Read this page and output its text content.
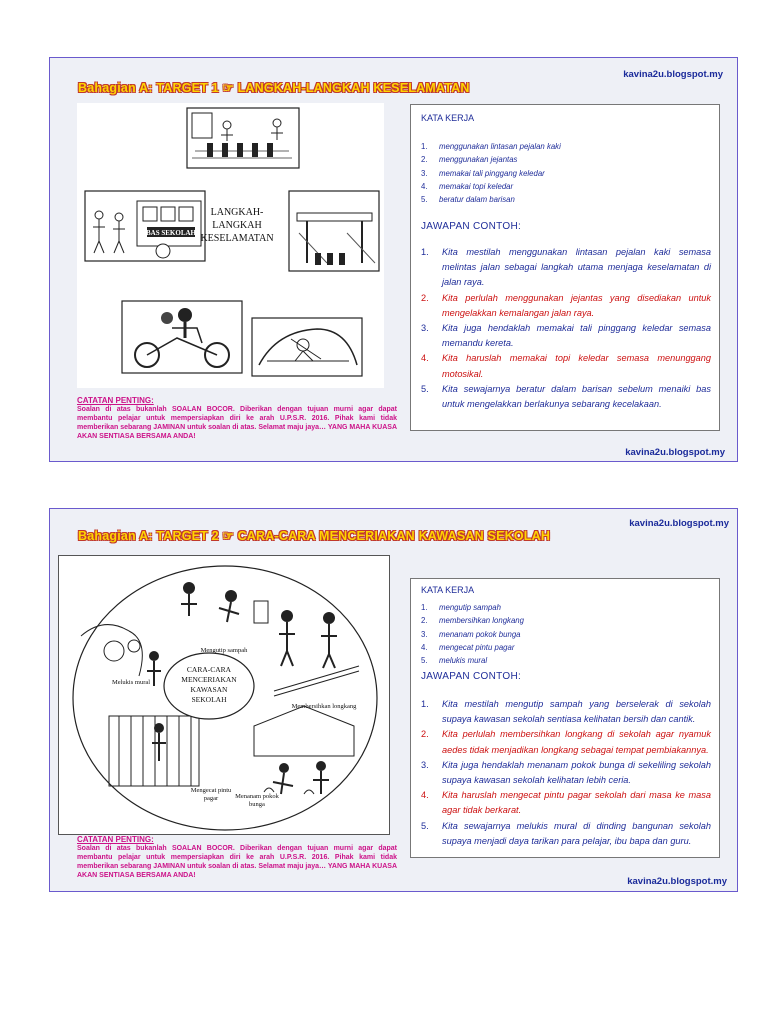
Bahagian A: TARGET 1 ☞ LANGKAH-LANGKAH KESELAMATAN
kavina2u.blogspot.my
BAS SEKOLAH
LANGKAH-
LANGKAH
KESELAMATAN
KATA KERJA
1. menggunakan lintasan pejalan kaki
2. menggunakan jejantas
3. memakai tali pinggang keledar
4. memakai topi keledar
5. beratur dalam barisan
JAWAPAN CONTOH:
1. Kita mestilah menggunakan lintasan pejalan kaki semasa melintas jalan sebagai langkah utama menjaga keselamatan di jalan raya.
2. Kita perlulah menggunakan jejantas yang disediakan untuk mengelakkan kemalangan jalan raya.
3. Kita juga hendaklah memakai tali pinggang keledar semasa memandu kereta.
4. Kita haruslah memakai topi keledar semasa menunggang motosikal.
5. Kita sewajarnya beratur dalam barisan sebelum menaiki bas untuk mengelakkan berlakunya sebarang kecelakaan.
CATATAN PENTING:
Soalan di atas bukanlah SOALAN BOCOR. Diberikan dengan tujuan murni agar dapat membantu pelajar untuk mempersiapkan diri ke arah U.P.S.R. 2016. Pihak kami tidak memberikan sebarang JAMINAN untuk soalan di atas. Selamat maju jaya… YANG MAHA KUASA AKAN SENTIASA BERSAMA ANDA!
kavina2u.blogspot.my
Bahagian A: TARGET 2 ☞ CARA-CARA MENCERIAKAN KAWASAN SEKOLAH
kavina2u.blogspot.my
CARA-CARA
MENCERIAKAN
KAWASAN
SEKOLAH
Mengutip sampah
Melukis mural
Membersihkan longkang
Mengecat pintu
pagar	Menanam pokok
bunga
KATA KERJA
1. mengutip sampah
2. membersihkan longkang
3. menanam pokok bunga
4. mengecat pintu pagar
5. melukis mural
JAWAPAN CONTOH:
1. Kita mestilah mengutip sampah yang berselerak di sekolah supaya kawasan sekolah sentiasa kelihatan bersih dan cantik.
2. Kita perlulah membersihkan longkang di sekolah agar nyamuk aedes tidak menjadikan longkang sebagai tempat pembiakannya.
3. Kita juga hendaklah menanam pokok bunga di sekeliling sekolah supaya kawasan sekolah kelihatan lebih ceria.
4. Kita haruslah mengecat pintu pagar sekolah dari masa ke masa agar tidak berkarat.
5. Kita sewajarnya melukis mural di dinding bangunan sekolah supaya menjadi daya tarikan para pelajar, ibu bapa dan guru.
CATATAN PENTING:
Soalan di atas bukanlah SOALAN BOCOR. Diberikan dengan tujuan murni agar dapat membantu pelajar untuk mempersiapkan diri ke arah U.P.S.R. 2016. Pihak kami tidak memberikan sebarang JAMINAN untuk soalan di atas. Selamat maju jaya… YANG MAHA KUASA AKAN SENTIASA BERSAMA ANDA!
kavina2u.blogspot.my
